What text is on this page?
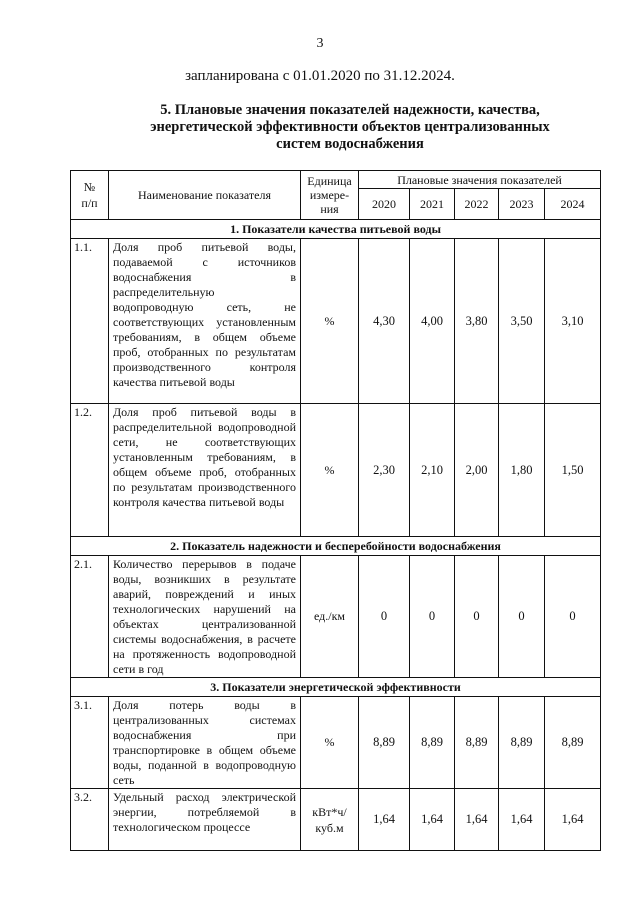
3
запланирована с 01.01.2020 по 31.12.2024.
5. Плановые значения показателей надежности, качества,
энергетической эффективности объектов централизованных
систем водоснабжения
№ п/п	Наименование показателя	Единица измере-ния	Плановые значения показателей				
			2020	2021	2022	2023	2024
1. Показатели качества питьевой воды							
1.1.	Доля проб питьевой воды, подаваемой с источников водоснабжения в распределительную водопроводную сеть, не соответствующих установленным требованиям, в общем объеме проб, отобранных по результатам производственного контроля качества питьевой воды	%	4,30	4,00	3,80	3,50	3,10
1.2.	Доля проб питьевой воды в распределительной водопроводной сети, не соответствующих установленным требованиям, в общем объеме проб, отобранных по результатам производственного контроля качества питьевой воды	%	2,30	2,10	2,00	1,80	1,50
2. Показатель надежности и бесперебойности водоснабжения							
2.1.	Количество перерывов в подаче воды, возникших в результате аварий, повреждений и иных технологических нарушений на объектах централизованной системы водоснабжения, в расчете на протяженность водопроводной сети в год	ед./км	0	0	0	0	0
3. Показатели энергетической эффективности							
3.1.	Доля потерь воды в централизованных системах водоснабжения при транспортировке в общем объеме воды, поданной в водопроводную сеть	%	8,89	8,89	8,89	8,89	8,89
3.2.	Удельный расход электрической энергии, потребляемой в технологическом процессе	кВт*ч/куб.м	1,64	1,64	1,64	1,64	1,64
